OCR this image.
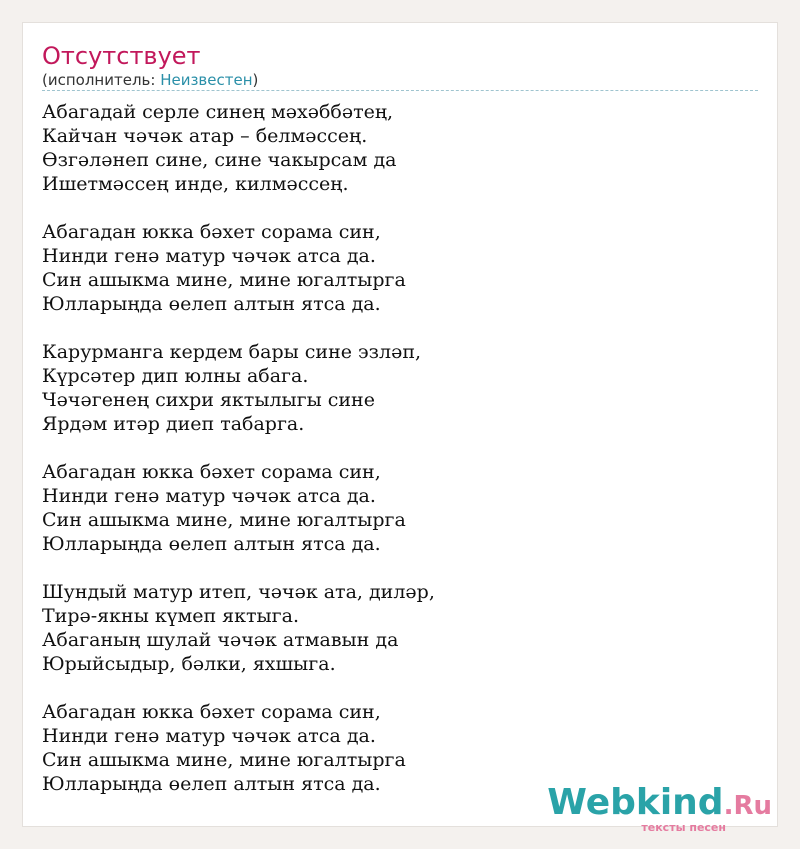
Отсутствует
(исполнитель: Неизвестен)
Абагадай серле синең мәхәббәтең,
Кайчан чәчәк атар – белмәссең.
Өзгәләнеп сине, сине чакырсам да
Ишетмәссең инде, килмәссең.
Абагадан юкка бәхет сорама син,
Нинди генә матур чәчәк атса да.
Син ашыкма мине, мине югалтырга
Юлларыңда өелеп алтын ятса да.
Карурманга кердем бары сине эзләп,
Күрсәтер дип юлны абага.
Чәчәгенең сихри яктылыгы сине
Ярдәм итәр диеп табарга.
Абагадан юкка бәхет сорама син,
Нинди генә матур чәчәк атса да.
Син ашыкма мине, мине югалтырга
Юлларыңда өелеп алтын ятса да.
Шундый матур итеп, чәчәк ата, диләр,
Тирә-якны күмеп яктыга.
Абаганың шулай чәчәк атмавын да
Юрыйсыдыр, бәлки, яхшыга.
Абагадан юкка бәхет сорама син,
Нинди генә матур чәчәк атса да.
Син ашыкма мине, мине югалтырга
Юлларыңда өелеп алтын ятса да.	Webkind.Ru
тексты песен
